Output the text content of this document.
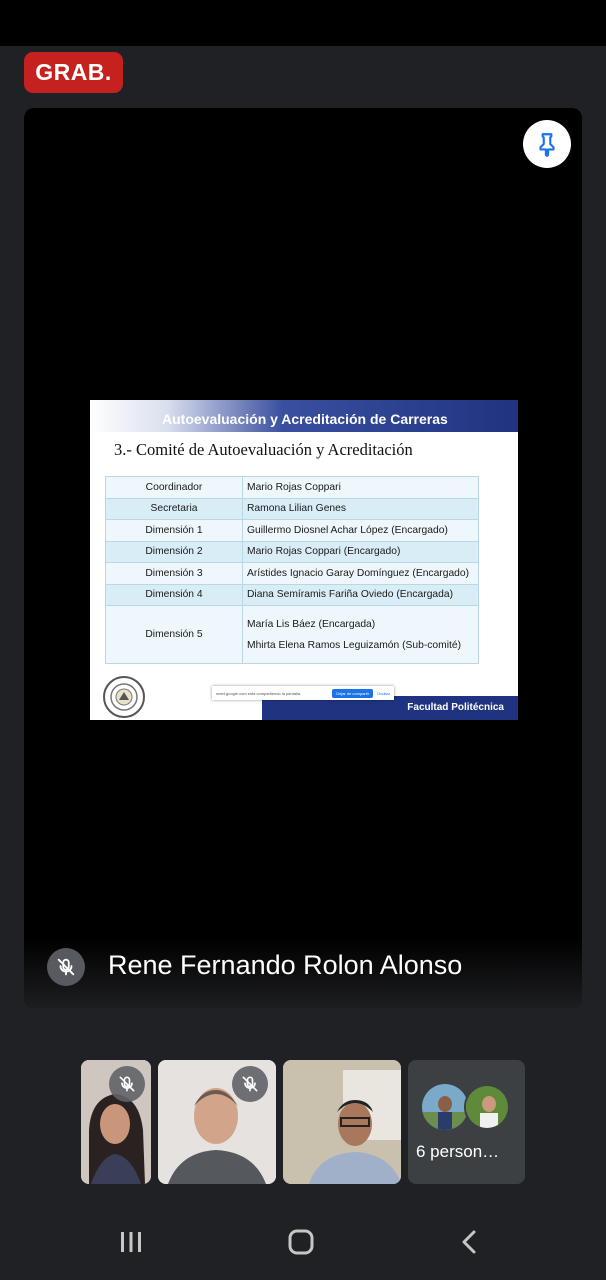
GRAB.
Autoevaluación y Acreditación de Carreras
3.- Comité de Autoevaluación y Acreditación
Coordinador	Mario Rojas Coppari
Secretaria	Ramona Lilian Genes
Dimensión 1	Guillermo Diosnel Achar López (Encargado)
Dimensión 2	Mario Rojas Coppari (Encargado)
Dimensión 3	Arístides Ignacio Garay Domínguez (Encargado)
Dimensión 4	Diana Semíramis Fariña Oviedo (Encargada)
Dimensión 5	María Lis Báez (Encargada)
Mhirta Elena Ramos Leguizamón (Sub-comité)
Facultad Politécnica
meet.google.com está compartiendo la pantalla.	Dejar de compartir	Ocultar
Rene Fernando Rolon Alonso
6 person…
